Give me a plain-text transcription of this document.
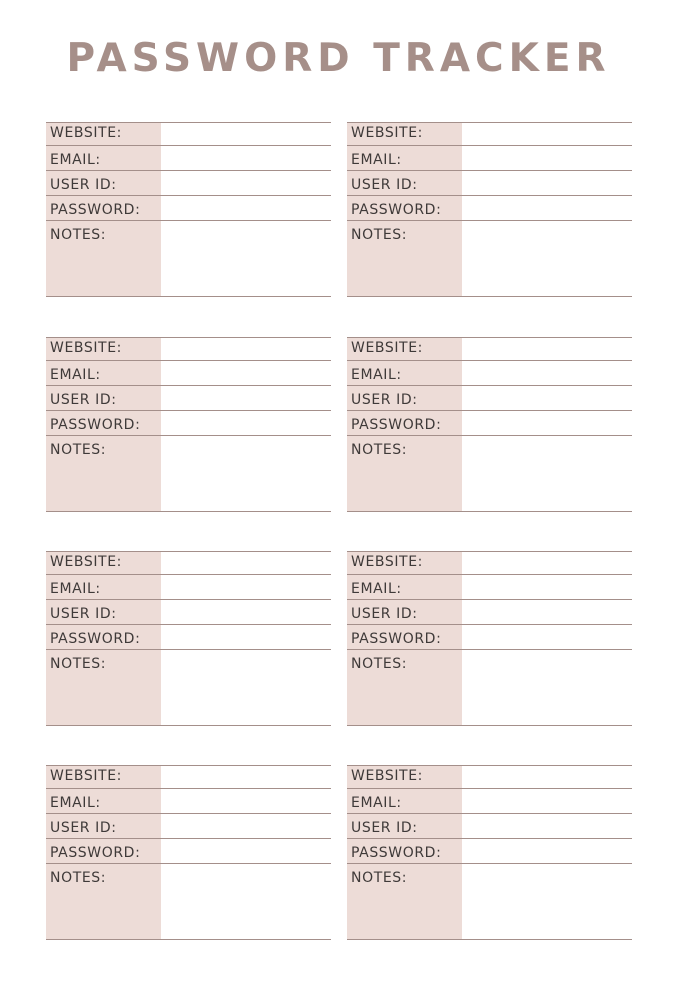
PASSWORD TRACKER
WEBSITE:
EMAIL:
USER ID:
PASSWORD:
NOTES:
WEBSITE:
EMAIL:
USER ID:
PASSWORD:
NOTES:
WEBSITE:
EMAIL:
USER ID:
PASSWORD:
NOTES:
WEBSITE:
EMAIL:
USER ID:
PASSWORD:
NOTES:
WEBSITE:
EMAIL:
USER ID:
PASSWORD:
NOTES:
WEBSITE:
EMAIL:
USER ID:
PASSWORD:
NOTES:
WEBSITE:
EMAIL:
USER ID:
PASSWORD:
NOTES:
WEBSITE:
EMAIL:
USER ID:
PASSWORD:
NOTES:
